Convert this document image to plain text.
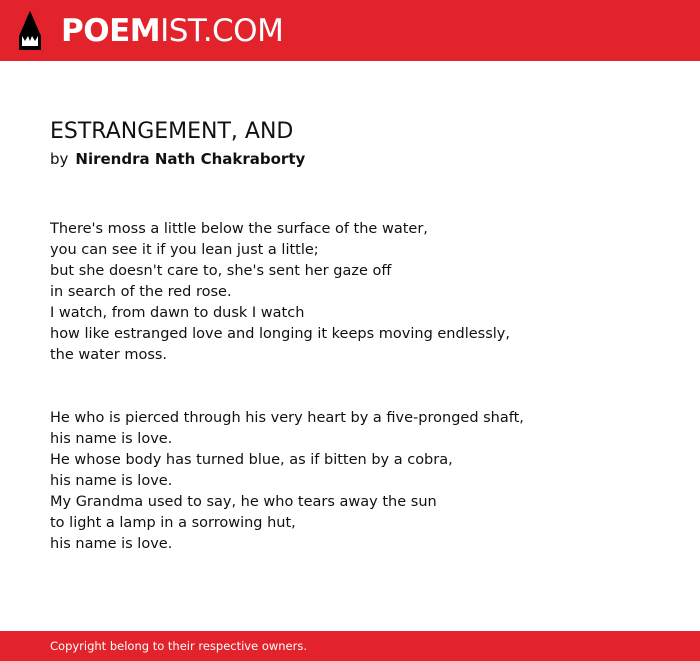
POEMIST.COM
ESTRANGEMENT, AND
by Nirendra Nath Chakraborty
There's moss a little below the surface of the water,
you can see it if you lean just a little;
but she doesn't care to, she's sent her gaze off
in search of the red rose.
I watch, from dawn to dusk I watch
how like estranged love and longing it keeps moving endlessly,
the water moss.
He who is pierced through his very heart by a five-pronged shaft,
his name is love.
He whose body has turned blue, as if bitten by a cobra,
his name is love.
My Grandma used to say, he who tears away the sun
to light a lamp in a sorrowing hut,
his name is love.
Copyright belong to their respective owners.
